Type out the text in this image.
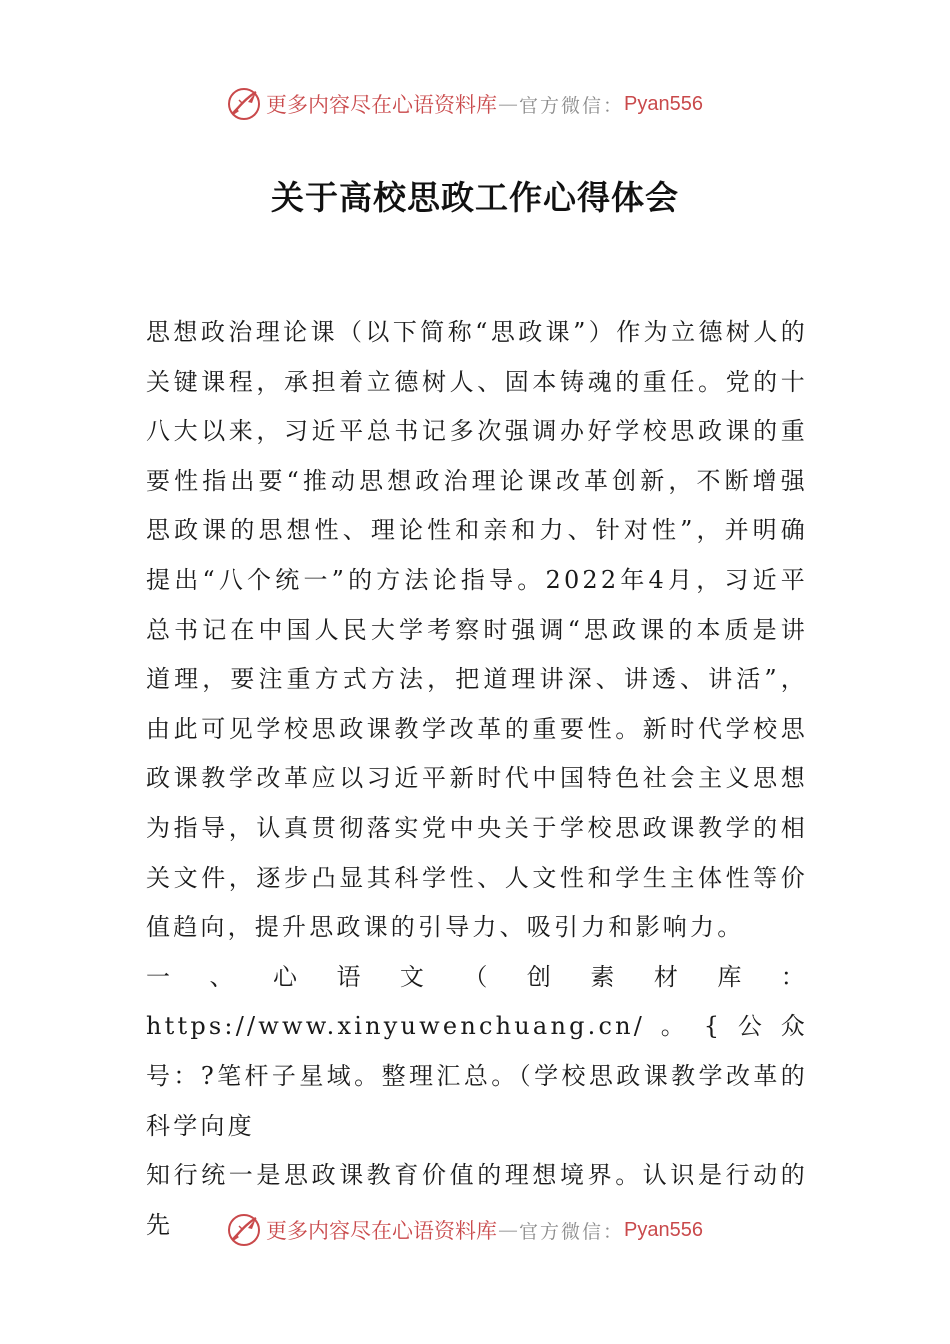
更多内容尽在心语资料库 — 官方微信： Pyan556
关于高校思政工作心得体会

思想政治理论课（以下简称“思政课”）作为立德树人的关键课程，承担着立德树人、固本铸魂的重任。党的十八大以来，习近平总书记多次强调办好学校思政课的重要性指出要“推动思想政治理论课改革创新，不断增强思政课的思想性、理论性和亲和力、针对性”，并明确提出“八个统一”的方法论指导。2022年4月，习近平总书记在中国人民大学考察时强调“思政课的本质是讲道理，要注重方式方法，把道理讲深、讲透、讲活”，由此可见学校思政课教学改革的重要性。新时代学校思政课教学改革应以习近平新时代中国特色社会主义思想为指导，认真贯彻落实党中央关于学校思政课教学的相关文件，逐步凸显其科学性、人文性和学生主体性等价值趋向，提升思政课的引导力、吸引力和影响力。

一、心语文（创素材库：https://www.xinyuwenchuang.cn/。{公众号：?笔杆子星域。整理汇总。（学校思政课教学改革的科学向度

知行统一是思政课教育价值的理想境界。认识是行动的先	更多内容尽在心语资料库 — 官方微信： Pyan556
